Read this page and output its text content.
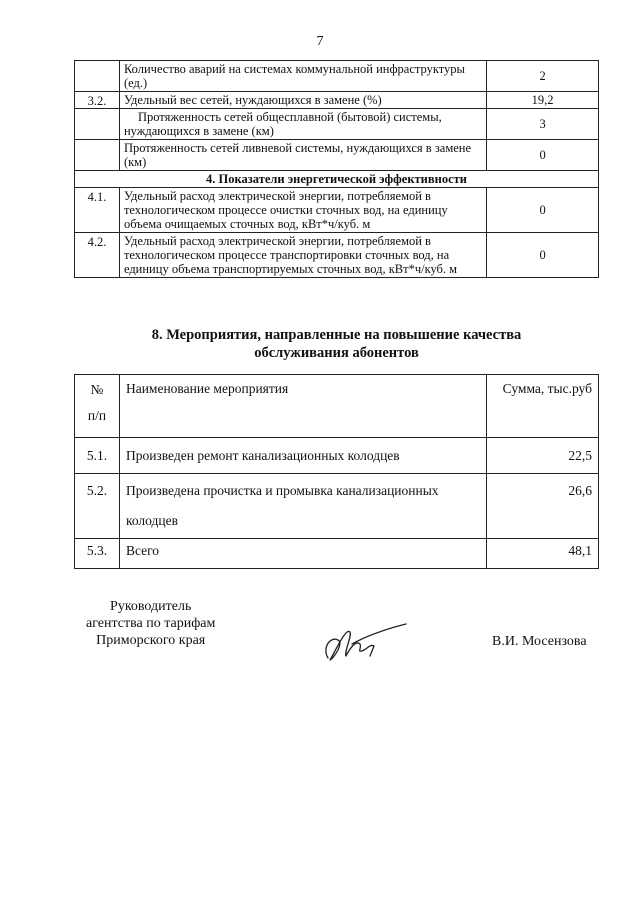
7
	Количество аварий на системах коммунальной инфраструктуры (ед.)	2
3.2.	Удельный вес сетей, нуждающихся в замене (%)	19,2
	Протяженность сетей общесплавной (бытовой) системы, нуждающихся в замене (км)	3
	Протяженность сетей ливневой системы, нуждающихся в замене (км)	0
4. Показатели энергетической эффективности		
4.1.	Удельный расход электрической энергии, потребляемой в технологическом процессе очистки сточных вод, на единицу объема очищаемых сточных вод, кВт*ч/куб. м	0
4.2.	Удельный расход электрической энергии, потребляемой в технологическом процессе транспортировки сточных вод, на единицу объема транспортируемых сточных вод, кВт*ч/куб. м	0
8. Мероприятия, направленные на повышение качества
обслуживания абонентов
№
п/п	Наименование мероприятия	Сумма, тыс.руб
5.1.	Произведен ремонт канализационных колодцев	22,5
5.2.	Произведена прочистка и промывка канализационных колодцев	26,6
5.3.	Всего	48,1
Руководитель
агентства по тарифам
Приморского края	В.И. Мосензова
